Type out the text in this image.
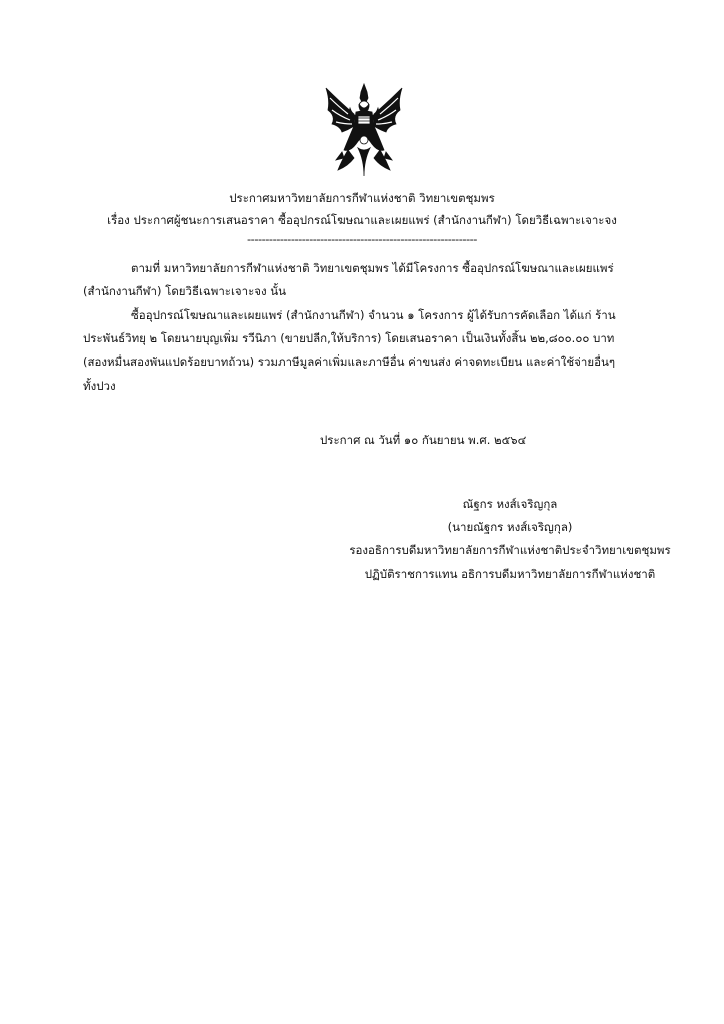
ประกาศมหาวิทยาลัยการกีฬาแห่งชาติ วิทยาเขตชุมพร
เรื่อง ประกาศผู้ชนะการเสนอราคา ซื้ออุปกรณ์โฆษณาและเผยแพร่ (สำนักงานกีฬา) โดยวิธีเฉพาะเจาะจง
---------------------------------------------------------------
ตามที่ มหาวิทยาลัยการกีฬาแห่งชาติ วิทยาเขตชุมพร ได้มีโครงการ ซื้ออุปกรณ์โฆษณาและเผยแพร่
(สำนักงานกีฬา) โดยวิธีเฉพาะเจาะจง นั้น
ซื้ออุปกรณ์โฆษณาและเผยแพร่ (สำนักงานกีฬา) จำนวน ๑ โครงการ ผู้ได้รับการคัดเลือก ได้แก่ ร้าน
ประพันธ์วิทยุ ๒ โดยนายบุญเพิ่ม รวีนิภา (ขายปลีก,ให้บริการ) โดยเสนอราคา เป็นเงินทั้งสิ้น ๒๒,๘๐๐.๐๐ บาท
(สองหมื่นสองพันแปดร้อยบาทถ้วน) รวมภาษีมูลค่าเพิ่มและภาษีอื่น ค่าขนส่ง ค่าจดทะเบียน และค่าใช้จ่ายอื่นๆ
ทั้งปวง
ประกาศ ณ วันที่ ๑๐ กันยายน พ.ศ. ๒๕๖๔
ณัฐกร หงส์เจริญกุล
(นายณัฐกร หงส์เจริญกุล)
รองอธิการบดีมหาวิทยาลัยการกีฬาแห่งชาติประจำวิทยาเขตชุมพร
ปฏิบัติราชการแทน อธิการบดีมหาวิทยาลัยการกีฬาแห่งชาติ
